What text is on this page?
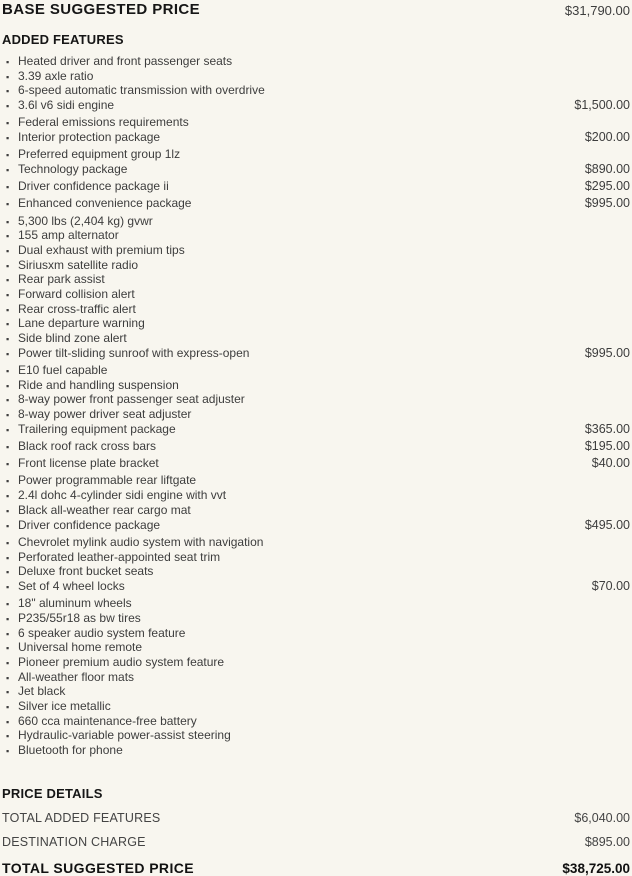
BASE SUGGESTED PRICE	$31,790.00
ADDED FEATURES
▪ Heated driver and front passenger seats
▪ 3.39 axle ratio
▪ 6-speed automatic transmission with overdrive
▪ 3.6l v6 sidi engine	$1,500.00
▪ Federal emissions requirements
▪ Interior protection package	$200.00
▪ Preferred equipment group 1lz
▪ Technology package	$890.00
▪ Driver confidence package ii	$295.00
▪ Enhanced convenience package	$995.00
▪ 5,300 lbs (2,404 kg) gvwr
▪ 155 amp alternator
▪ Dual exhaust with premium tips
▪ Siriusxm satellite radio
▪ Rear park assist
▪ Forward collision alert
▪ Rear cross-traffic alert
▪ Lane departure warning
▪ Side blind zone alert
▪ Power tilt-sliding sunroof with express-open	$995.00
▪ E10 fuel capable
▪ Ride and handling suspension
▪ 8-way power front passenger seat adjuster
▪ 8-way power driver seat adjuster
▪ Trailering equipment package	$365.00
▪ Black roof rack cross bars	$195.00
▪ Front license plate bracket	$40.00
▪ Power programmable rear liftgate
▪ 2.4l dohc 4-cylinder sidi engine with vvt
▪ Black all-weather rear cargo mat
▪ Driver confidence package	$495.00
▪ Chevrolet mylink audio system with navigation
▪ Perforated leather-appointed seat trim
▪ Deluxe front bucket seats
▪ Set of 4 wheel locks	$70.00
▪ 18" aluminum wheels
▪ P235/55r18 as bw tires
▪ 6 speaker audio system feature
▪ Universal home remote
▪ Pioneer premium audio system feature
▪ All-weather floor mats
▪ Jet black
▪ Silver ice metallic
▪ 660 cca maintenance-free battery
▪ Hydraulic-variable power-assist steering
▪ Bluetooth for phone
PRICE DETAILS
TOTAL ADDED FEATURES	$6,040.00
DESTINATION CHARGE	$895.00
TOTAL SUGGESTED PRICE	$38,725.00
